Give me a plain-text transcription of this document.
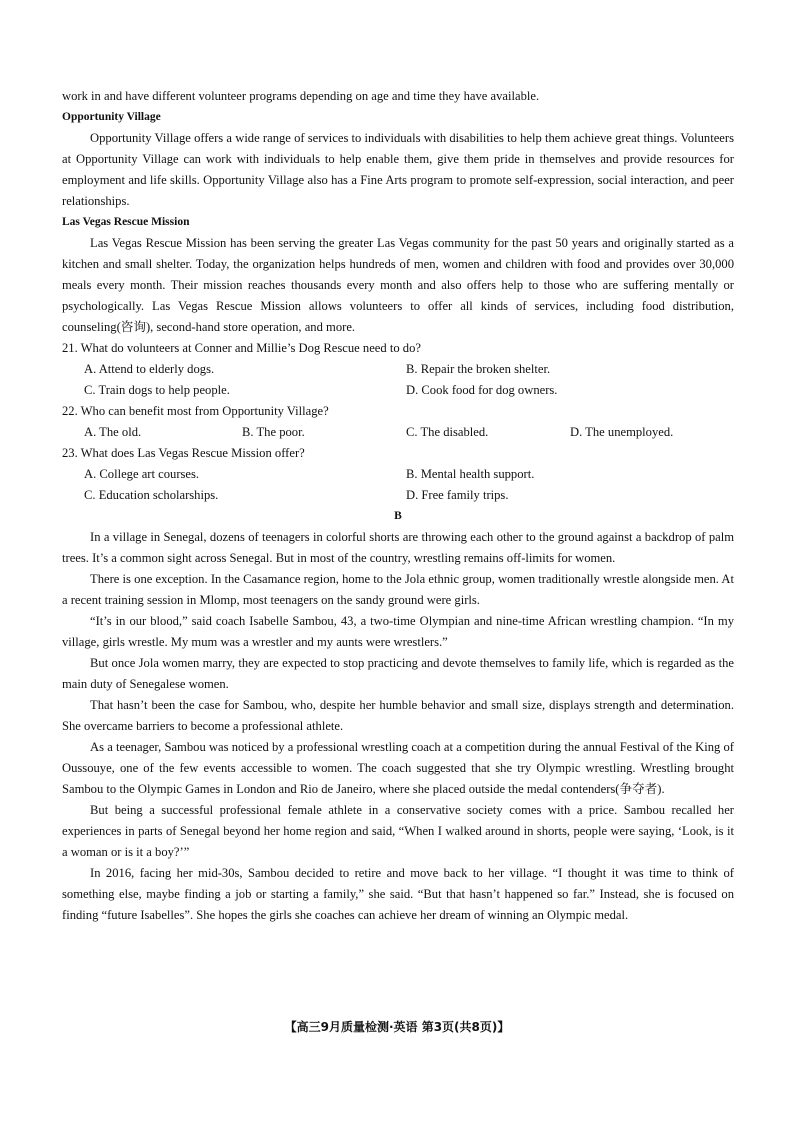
work in and have different volunteer programs depending on age and time they have available.

Opportunity Village

Opportunity Village offers a wide range of services to individuals with disabilities to help them achieve great things. Volunteers at Opportunity Village can work with individuals to help enable them, give them pride in themselves and provide resources for employment and life skills. Opportunity Village also has a Fine Arts program to promote self-expression, social interaction, and peer relationships.

Las Vegas Rescue Mission

Las Vegas Rescue Mission has been serving the greater Las Vegas community for the past 50 years and originally started as a kitchen and small shelter. Today, the organization helps hundreds of men, women and children with food and provides over 30,000 meals every month. Their mission reaches thousands every month and also offers help to those who are suffering mentally or psychologically. Las Vegas Rescue Mission allows volunteers to offer all kinds of services, including food distribution, counseling(咨询), second-hand store operation, and more.

21. What do volunteers at Conner and Millie’s Dog Rescue need to do?

A. Attend to elderly dogs.	B. Repair the broken shelter.
C. Train dogs to help people.	D. Cook food for dog owners.

22. Who can benefit most from Opportunity Village?

A. The old.	B. The poor.	C. The disabled.	D. The unemployed.

23. What does Las Vegas Rescue Mission offer?

A. College art courses.	B. Mental health support.
C. Education scholarships.	D. Free family trips.

B

In a village in Senegal, dozens of teenagers in colorful shorts are throwing each other to the ground against a backdrop of palm trees. It’s a common sight across Senegal. But in most of the country, wrestling remains off-limits for women.

There is one exception. In the Casamance region, home to the Jola ethnic group, women traditionally wrestle alongside men. At a recent training session in Mlomp, most teenagers on the sandy ground were girls.

“It’s in our blood,” said coach Isabelle Sambou, 43, a two-time Olympian and nine-time African wrestling champion. “In my village, girls wrestle. My mum was a wrestler and my aunts were wrestlers.”

But once Jola women marry, they are expected to stop practicing and devote themselves to family life, which is regarded as the main duty of Senegalese women.

That hasn’t been the case for Sambou, who, despite her humble behavior and small size, displays strength and determination. She overcame barriers to become a professional athlete.

As a teenager, Sambou was noticed by a professional wrestling coach at a competition during the annual Festival of the King of Oussouye, one of the few events accessible to women. The coach suggested that she try Olympic wrestling. Wrestling brought Sambou to the Olympic Games in London and Rio de Janeiro, where she placed outside the medal contenders(争夺者).

But being a successful professional female athlete in a conservative society comes with a price. Sambou recalled her experiences in parts of Senegal beyond her home region and said, “When I walked around in shorts, people were saying, ‘Look, is it a woman or is it a boy?’”

In 2016, facing her mid-30s, Sambou decided to retire and move back to her village. “I thought it was time to think of something else, maybe finding a job or starting a family,” she said. “But that hasn’t happened so far.” Instead, she is focused on finding “future Isabelles”. She hopes the girls she coaches can achieve her dream of winning an Olympic medal.

【高三9月质量检测·英语 第3页(共8页)】
